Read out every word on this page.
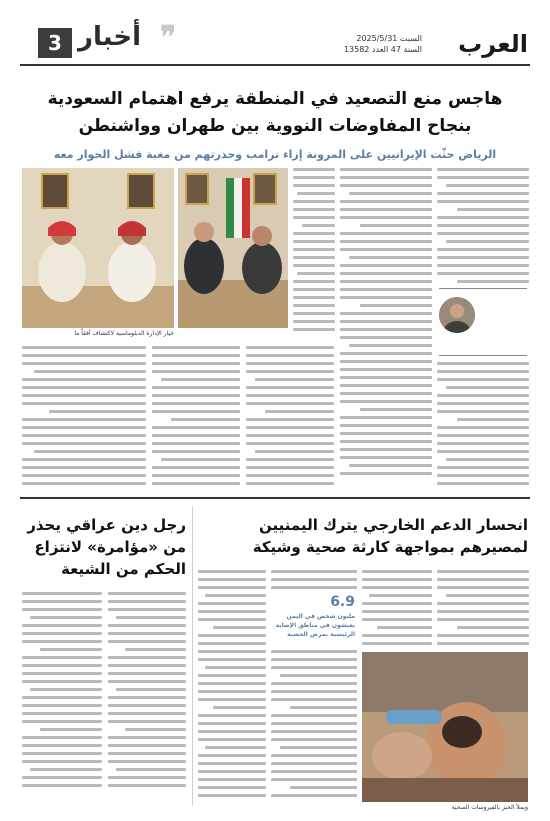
3 أخبار ❞	السبت 2025/5/31
السنة 47 العدد 13582 العرب
هاجس منع التصعيد في المنطقة يرفع اهتمام السعودية
بنجاح المفاوضات النووية بين طهران وواشنطن
الرياض حثّت الإيرانيين على المرونة إزاء ترامب وحذرتهم من مغبة فشل الحوار معه
خيار الإدارة الدبلوماسية لاكتشاف أفقاً ما
انحسار الدعم الخارجي يترك اليمنيين لمصيرهم بمواجهة كارثة صحية وشيكة
ويملأ الحيز بالفيروسات الصحية
6.9
مليون شخص في اليمن يعيشون في مناطق الإصابة الرئيسية بمرض الحصبة
رجل دين عراقي يحذر من «مؤامرة» لانتزاع الحكم من الشيعة
